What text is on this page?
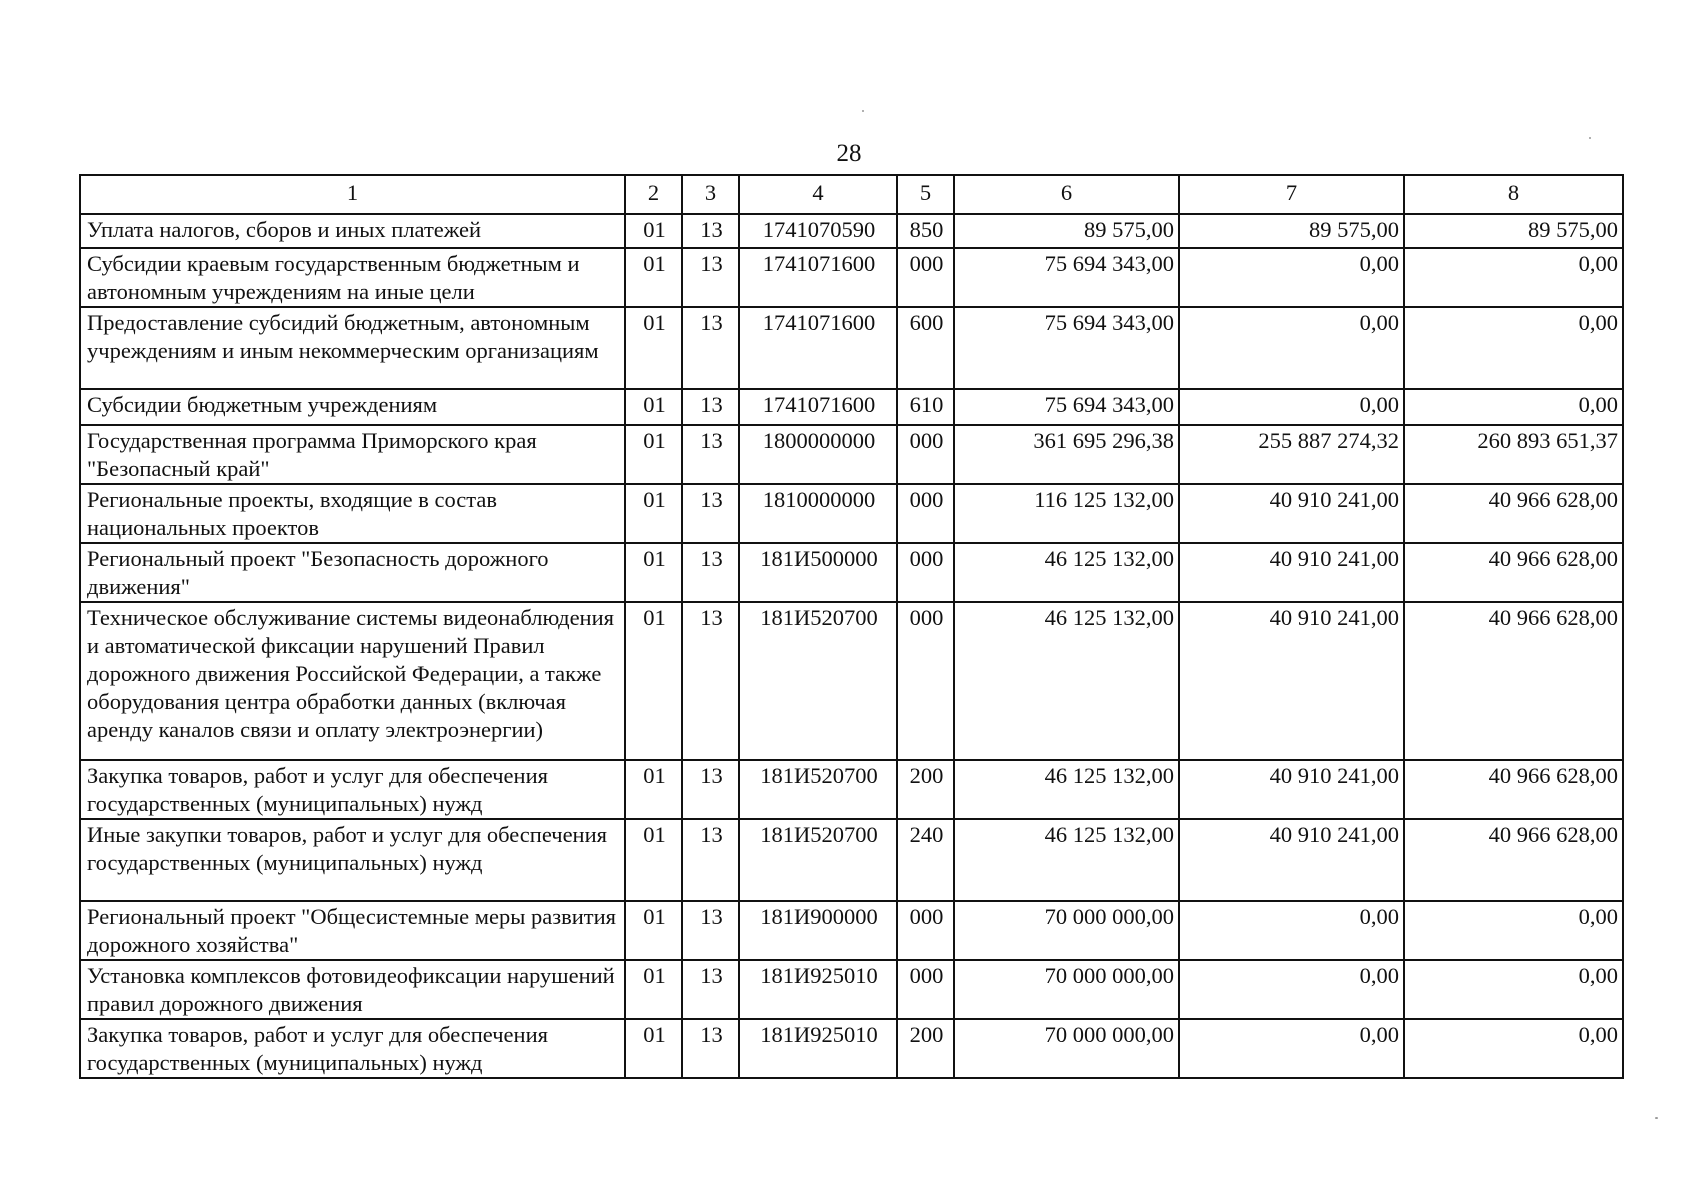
28
1	2	3	4	5	6	7	8
Уплата налогов, сборов и иных платежей	01	13	1741070590	850	89 575,00	89 575,00	89 575,00
Субсидии краевым государственным бюджетным и автономным учреждениям на иные цели	01	13	1741071600	000	75 694 343,00	0,00	0,00
Предоставление субсидий бюджетным, автономным учреждениям и иным некоммерческим организациям	01	13	1741071600	600	75 694 343,00	0,00	0,00
Субсидии бюджетным учреждениям	01	13	1741071600	610	75 694 343,00	0,00	0,00
Государственная программа Приморского края "Безопасный край"	01	13	1800000000	000	361 695 296,38	255 887 274,32	260 893 651,37
Региональные проекты, входящие в состав национальных проектов	01	13	1810000000	000	116 125 132,00	40 910 241,00	40 966 628,00
Региональный проект "Безопасность дорожного движения"	01	13	181И500000	000	46 125 132,00	40 910 241,00	40 966 628,00
Техническое обслуживание системы видеонаблюдения и автоматической фиксации нарушений Правил дорожного движения Российской Федерации, а также оборудования центра обработки данных (включая аренду каналов связи и оплату электроэнергии)	01	13	181И520700	000	46 125 132,00	40 910 241,00	40 966 628,00
Закупка товаров, работ и услуг для обеспечения государственных (муниципальных) нужд	01	13	181И520700	200	46 125 132,00	40 910 241,00	40 966 628,00
Иные закупки товаров, работ и услуг для обеспечения государственных (муниципальных) нужд	01	13	181И520700	240	46 125 132,00	40 910 241,00	40 966 628,00
Региональный проект "Общесистемные меры развития дорожного хозяйства"	01	13	181И900000	000	70 000 000,00	0,00	0,00
Установка комплексов фотовидеофиксации нарушений правил дорожного движения	01	13	181И925010	000	70 000 000,00	0,00	0,00
Закупка товаров, работ и услуг для обеспечения государственных (муниципальных) нужд	01	13	181И925010	200	70 000 000,00	0,00	0,00
